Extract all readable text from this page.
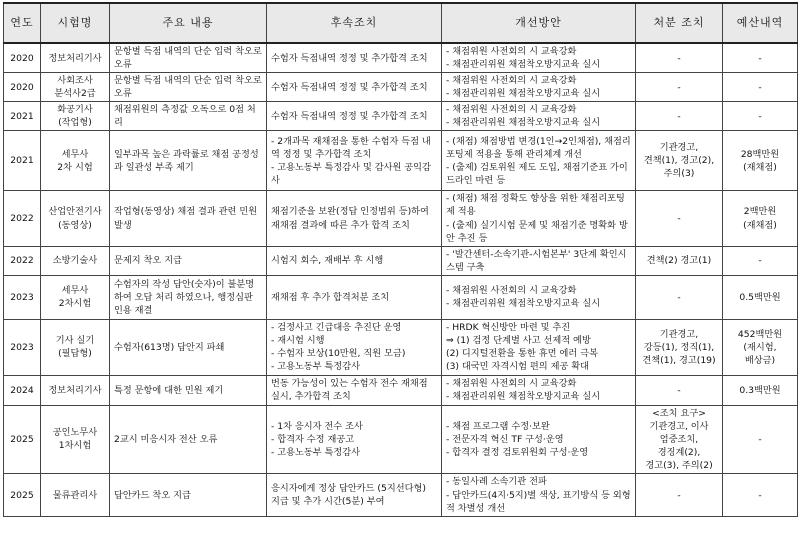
연도	시험명	주요 내용	후속조치	개선방안	처분 조치	예산내역
2020	정보처리기사	문항별 득점 내역의 단순 입력 착오로 오류	수험자 득점내역 정정 및 추가합격 조치	- 채점위원 사전회의 시 교육강화
- 채점관리위원 채점착오방지교육 실시	-	-

2020	사회조사
분석사2급	문항별 득점 내역의 단순 입력 착오로 오류	수험자 득점내역 정정 및 추가합격 조치	- 채점위원 사전회의 시 교육강화
- 채점관리위원 채점착오방지교육 실시	-	-

2021	화공기사
(작업형)	채점위원의 측정값 오독으로 0점 처리	수험자 득점내역 정정 및 추가합격 조치	- 채점위원 사전회의 시 교육강화
- 채점관리위원 채점착오방지교육 실시	-	-

2021	세무사
2차 시험	일부과목 높은 과락률로 채점 공정성과 일관성 부족 제기	- 2개과목 재채점을 통한 수험자 득점 내역 정정 및 추가합격 조치
- 고용노동부 특정감사 및 감사원 공익감사	- (채점) 채점방법 변경(1인→2인채점), 채점리포팅제 적용을 통해 관리체계 개선
- (출제) 검토위원 제도 도입, 채점기준표 가이드라인 마련 등	기관경고,
견책(1), 경고(2),
주의(3)	28백만원
(재채점)

2022	산업안전기사
(동영상)	작업형(동영상) 채점 결과 관련 민원 발생	채점기준을 보완(정답 인정범위 등)하여 재채점 결과에 따른 추가 합격 조치	- (채점) 채점 정확도 향상을 위한 채점리포팅제 적용
- (출제) 실기시험 문제 및 채점기준 명확화 방안 추진 등	-	2백만원
(재채점)

2022	소방기술사	문제지 착오 지급	시험지 회수, 재배부 후 시행	- '발간센터-소속기관-시험본부' 3단계 확인시스템 구축	견책(2) 경고(1)	-

2023	세무사
2차시험	수험자의 작성 답안(숫자)이 불분명하여 오답 처리 하였으나, 행정심판 인용 재결	재채점 후 추가 합격처분 조치	- 채점위원 사전회의 시 교육강화
- 채점관리위원 채점착오방지교육 실시	-	0.5백만원

2023	기사 실기
(필답형)	수험자(613명) 답안지 파쇄	- 검정사고 긴급대응 추진단 운영
- 재시험 시행
- 수험자 보상(10만원, 직원 모금)
- 고용노동부 특정감사	- HRDK 혁신방안 마련 및 추진
⇒ (1) 검정 단계별 사고 선제적 예방
(2) 디지털전환을 통한 휴먼 에러 극복
(3) 대국민 자격시험 편의 제공 확대	기관경고,
강등(1), 정직(1),
견책(1), 경고(19)	452백만원
(재시험,
배상금)

2024	정보처리기사	특정 문항에 대한 민원 제기	번동 가능성이 있는 수험자 전수 재채점 실시, 추가합격 조치	- 채점위원 사전회의 시 교육강화
- 채점관리위원 채점착오방지교육 실시	-	0.3백만원

2025	공인노무사
1차시험	2교시 미응시자 전산 오류	- 1차 응시자 전수 조사
- 합격자 수정 재공고
- 고용노동부 특정감사	- 채점 프로그램 수정·보완
- 전문자격 혁신 TF 구성·운영
- 합격자 결정 검토위원회 구성·운영	<조치 요구>
기관경고, 이사
엄중조치,
경징계(2),
경고(3), 주의(2)	-

2025	물류관리사	답안카드 착오 지급	응시자에게 정상 답안카드 (5지선다형) 지급 및 추가 시간(5분) 부여	- 동일사례 소속기관 전파
- 답안카드(4지·5지)별 색상, 표기방식 등 외형적 차별성 개선	-	-
